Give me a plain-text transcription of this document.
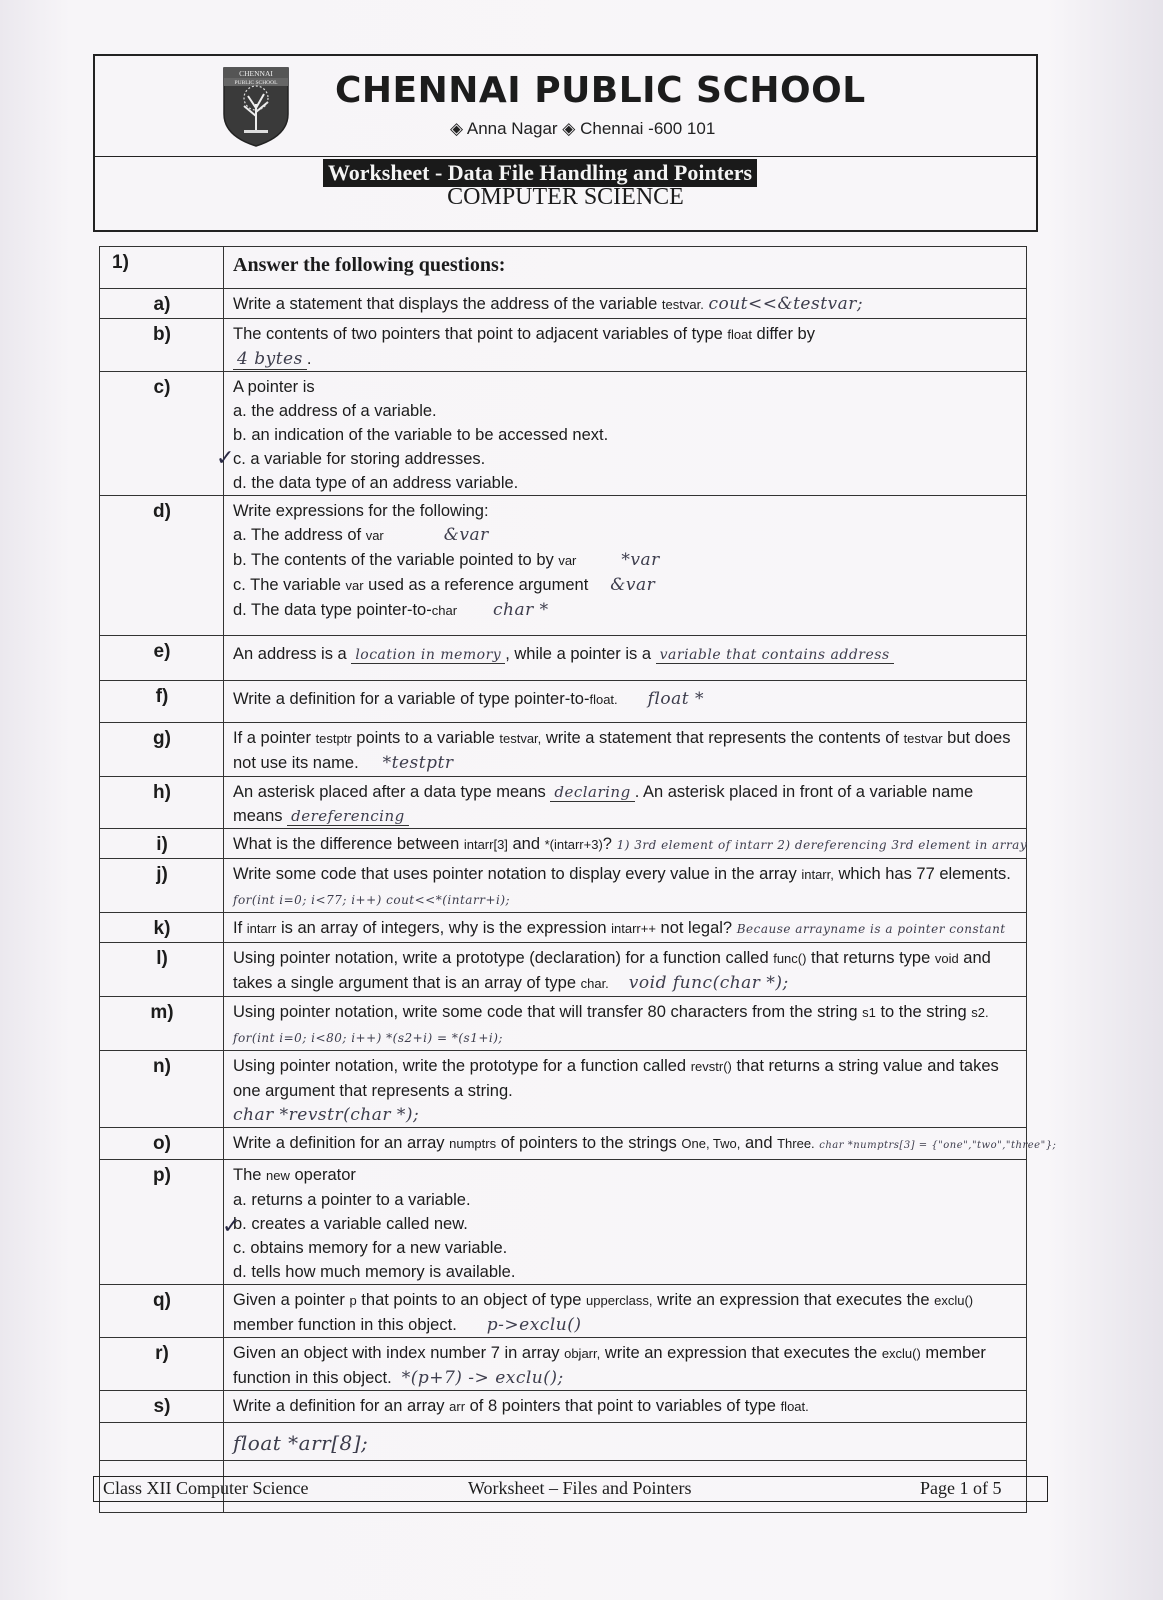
CHENNAI
PUBLIC SCHOOL CHENNAI PUBLIC SCHOOL
◈ Anna Nagar ◈ Chennai -600 101
Worksheet - Data File Handling and Pointers
COMPUTER SCIENCE
1)	Answer the following questions:
a)	Write a statement that displays the address of the variable testvar. cout<<&testvar;
b)	The contents of two pointers that point to adjacent variables of type float differ by
4 bytes .
c)	A pointer is
a. the address of a variable.
b. an indication of the variable to be accessed next.
c. a variable for storing addresses.
d. the data type of an address variable.

d)	Write expressions for the following:
a. The address of var &var
b. The contents of the variable pointed to by var *var
c. The variable var used as a reference argument &var
d. The data type pointer-to-char char *

e)	An address is a location in memory , while a pointer is a variable that contains address
f)	Write a definition for a variable of type pointer-to-float. float *
g)	If a pointer testptr points to a variable testvar, write a statement that represents the contents of testvar but does not use its name. *testptr
h)	An asterisk placed after a data type means declaring . An asterisk placed in front of a variable name means dereferencing
i)	What is the difference between intarr[3] and *(intarr+3)? 1) 3rd element of intarr 2) dereferencing 3rd element in array
j)	Write some code that uses pointer notation to display every value in the array intarr, which has 77 elements. for(int i=0; i<77; i++) cout<<*(intarr+i);
k)	If intarr is an array of integers, why is the expression intarr++ not legal? Because arrayname is a pointer constant
l)	Using pointer notation, write a prototype (declaration) for a function called func() that returns type void and takes a single argument that is an array of type char. void func(char *);
m)	Using pointer notation, write some code that will transfer 80 characters from the string s1 to the string s2. for(int i=0; i<80; i++) *(s2+i) = *(s1+i);
n)	Using pointer notation, write the prototype for a function called revstr() that returns a string value and takes one argument that represents a string.
char *revstr(char *);
o)	Write a definition for an array numptrs of pointers to the strings One, Two, and Three. char *numptrs[3] = {"one","two","three"};
p)	The new operator
a. returns a pointer to a variable.
b. creates a variable called new.
c. obtains memory for a new variable.
d. tells how much memory is available.

q)	Given a pointer p that points to an object of type upperclass, write an expression that executes the exclu() member function in this object. p->exclu()
r)	Given an object with index number 7 in array objarr, write an expression that executes the exclu() member function in this object. *(p+7) -> exclu();
s)	Write a definition for an array arr of 8 pointers that point to variables of type float.
	float *arr[8];

✓
✓
Class XII Computer Science	Worksheet – Files and Pointers	Page 1 of 5
